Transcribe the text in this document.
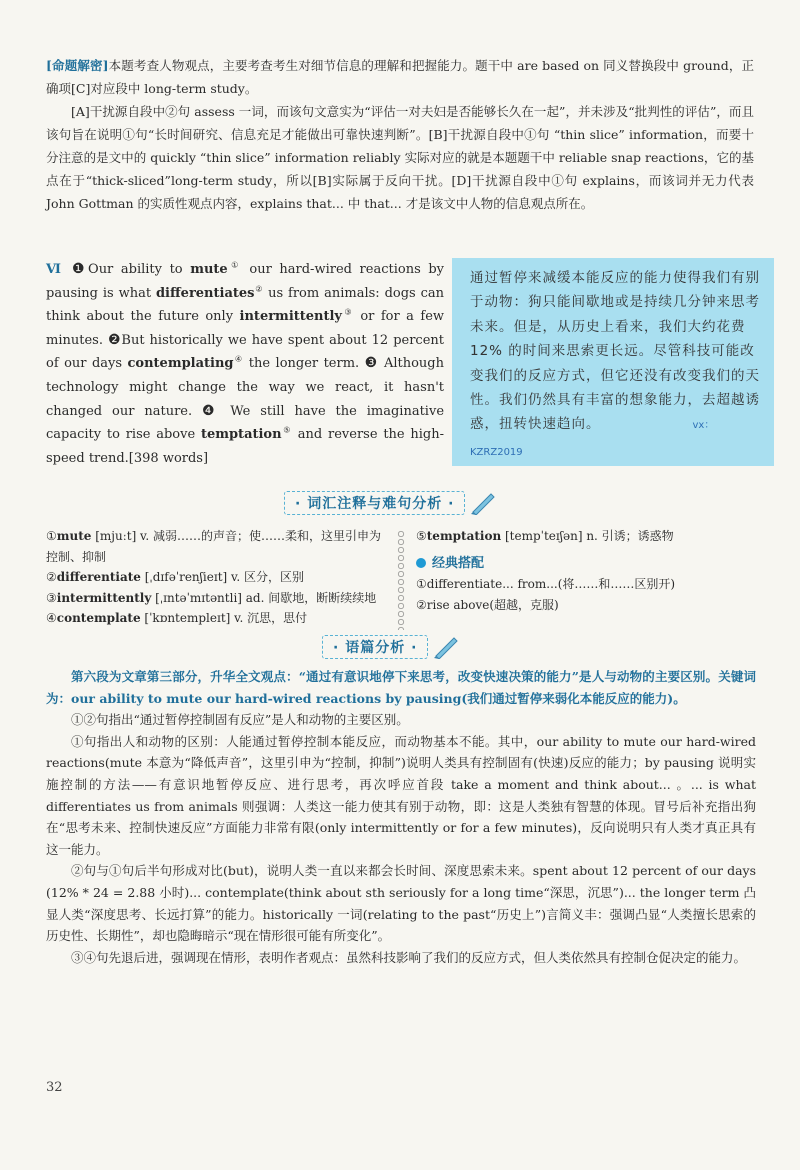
[命题解密]本题考查人物观点，主要考查考生对细节信息的理解和把握能力。题干中 are based on 同义替换段中 ground，正确项[C]对应段中 long-term study。

[A]干扰源自段中②句 assess 一词，而该句文意实为“评估一对夫妇是否能够长久在一起”，并未涉及“批判性的评估”，而且该句旨在说明①句“长时间研究、信息充足才能做出可靠快速判断”。[B]干扰源自段中①句 “thin slice” information，而要十分注意的是文中的 quickly “thin slice” information reliably 实际对应的就是本题题干中 reliable snap reactions，它的基点在于“thick-sliced”long-term study，所以[B]实际属于反向干扰。[D]干扰源自段中①句 explains，而该词并无力代表 John Gottman 的实质性观点内容，explains that... 中 that... 才是该文中人物的信息观点所在。

Ⅵ ❶Our ability to mute① our hard-wired reactions by pausing is what differentiates② us from animals: dogs can think about the future only intermittently③ or for a few minutes. ❷But historically we have spent about 12 percent of our days contemplating④ the longer term. ❸ Although technology might change the way we react, it hasn't changed our nature. ❹ We still have the imaginative capacity to rise above temptation⑤ and reverse the high-speed trend.[398 words]
通过暂停来减缓本能反应的能力使得我们有别于动物：狗只能间歇地或是持续几分钟来思考未来。但是，从历史上看来，我们大约花费 12% 的时间来思索更长远。尽管科技可能改变我们的反应方式，但它还没有改变我们的天性。我们仍然具有丰富的想象能力，去超越诱惑，扭转快速趋向。	vx：KZRZ2019
· 词汇注释与难句分析 ·
①mute [mjuːt] v. 减弱……的声音；使……柔和，这里引申为控制、抑制
②differentiate [ˌdɪfəˈrenʃieɪt] v. 区分，区别
③intermittently [ˌɪntəˈmɪtəntli] ad. 间歇地，断断续续地
④contemplate [ˈkɒntempleɪt] v. 沉思，思付
⑤temptation [tempˈteɪʃən] n. 引诱；诱惑物
经典搭配
①differentiate... from...(将……和……区别开)
②rise above(超越，克服)
· 语篇分析 ·

第六段为文章第三部分，升华全文观点：“通过有意识地停下来思考，改变快速决策的能力”是人与动物的主要区别。关键词为：our ability to mute our hard-wired reactions by pausing(我们通过暂停来弱化本能反应的能力)。

①②句指出“通过暂停控制固有反应”是人和动物的主要区别。

①句指出人和动物的区别：人能通过暂停控制本能反应，而动物基本不能。其中，our ability to mute our hard-wired reactions(mute 本意为“降低声音”，这里引申为“控制，抑制”)说明人类具有控制固有(快速)反应的能力；by pausing 说明实施控制的方法——有意识地暂停反应、进行思考，再次呼应首段 take a moment and think about... 。... is what differentiates us from animals 则强调：人类这一能力使其有别于动物，即：这是人类独有智慧的体现。冒号后补充指出狗在“思考未来、控制快速反应”方面能力非常有限(only intermittently or for a few minutes)，反向说明只有人类才真正具有这一能力。

②句与①句后半句形成对比(but)，说明人类一直以来都会长时间、深度思索未来。spent about 12 percent of our days (12% * 24 = 2.88 小时)... contemplate(think about sth seriously for a long time“深思，沉思”)... the longer term 凸显人类“深度思考、长远打算”的能力。historically 一词(relating to the past“历史上”)言简义丰：强调凸显“人类擅长思索的历史性、长期性”，却也隐晦暗示“现在情形很可能有所变化”。

③④句先退后进，强调现在情形，表明作者观点：虽然科技影响了我们的反应方式，但人类依然具有控制仓促决定的能力。

32
